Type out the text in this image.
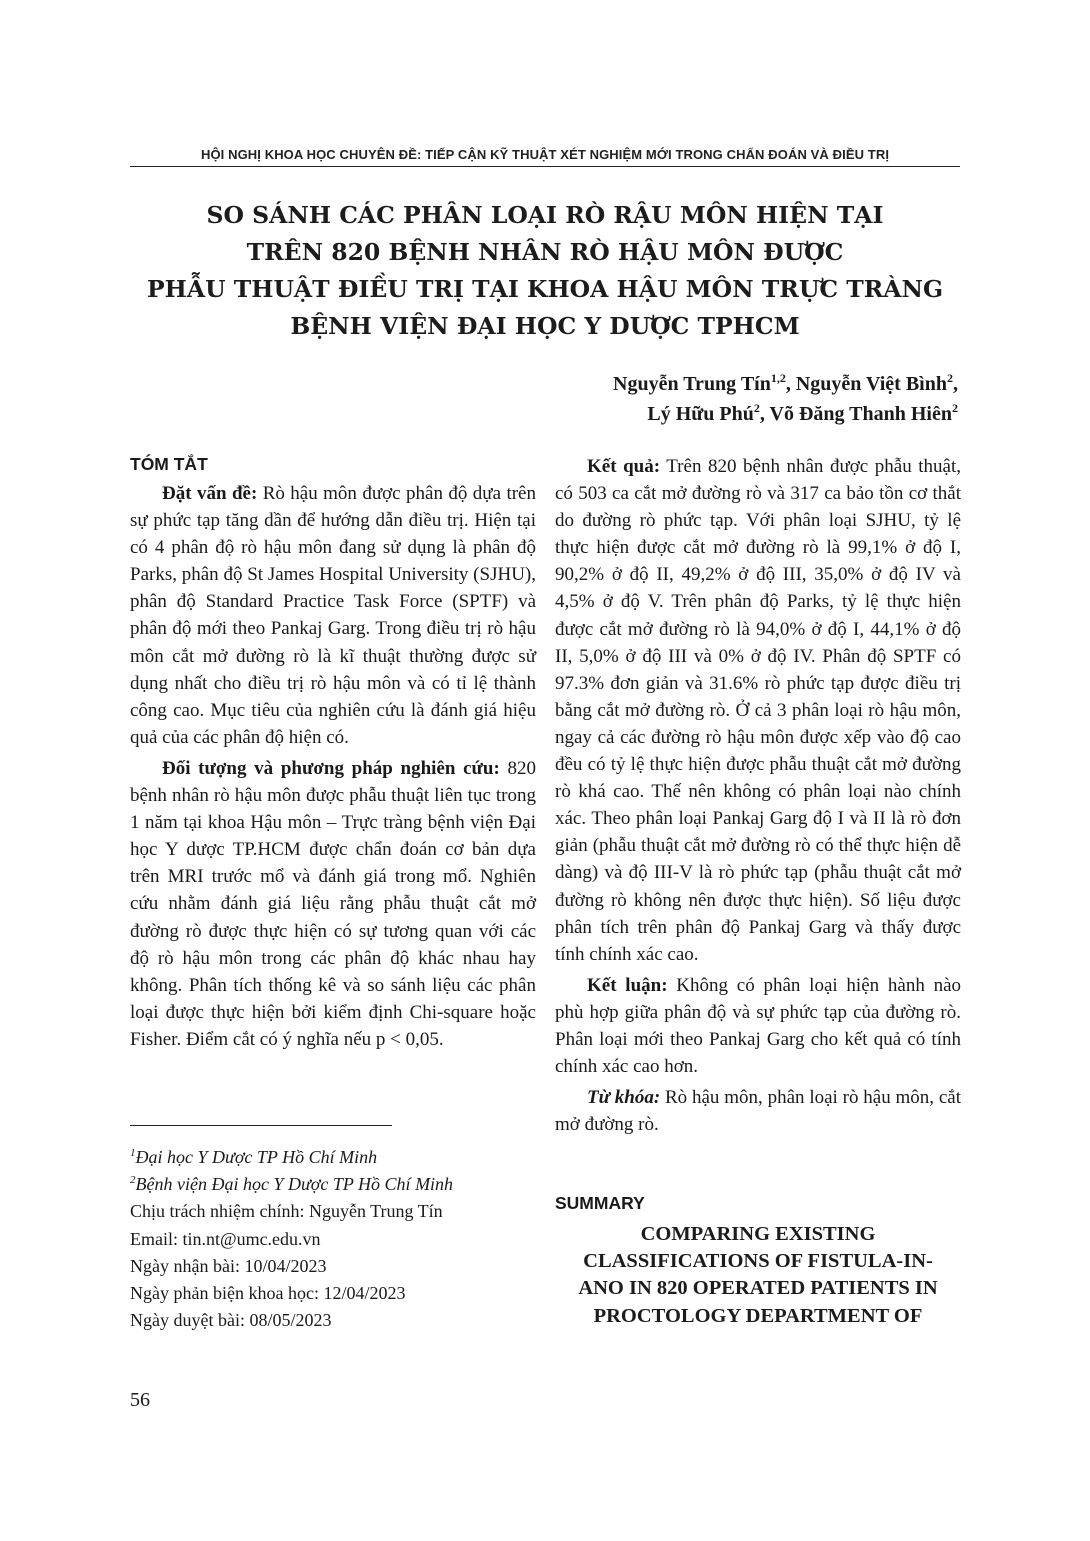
HỘI NGHỊ KHOA HỌC CHUYÊN ĐỀ: TIẾP CẬN KỸ THUẬT XÉT NGHIỆM MỚI TRONG CHẨN ĐOÁN VÀ ĐIỀU TRỊ
SO SÁNH CÁC PHÂN LOẠI RÒ RẬU MÔN HIỆN TẠI
TRÊN 820 BỆNH NHÂN RÒ HẬU MÔN ĐƯỢC
PHẪU THUẬT ĐIỀU TRỊ TẠI KHOA HẬU MÔN TRỰC TRÀNG
BỆNH VIỆN ĐẠI HỌC Y DƯỢC TPHCM
Nguyễn Trung Tín$^{1,2}$, Nguyễn Việt Bình$^2$,
Lý Hữu Phú$^2$, Võ Đăng Thanh Hiên$^2$
TÓM TẮT

Đặt vấn đề: Rò hậu môn được phân độ dựa trên sự phức tạp tăng dần để hướng dẫn điều trị. Hiện tại có 4 phân độ rò hậu môn đang sử dụng là phân độ Parks, phân độ St James Hospital University (SJHU), phân độ Standard Practice Task Force (SPTF) và phân độ mới theo Pankaj Garg. Trong điều trị rò hậu môn cắt mở đường rò là kĩ thuật thường được sử dụng nhất cho điều trị rò hậu môn và có tỉ lệ thành công cao. Mục tiêu của nghiên cứu là đánh giá hiệu quả của các phân độ hiện có.

Đối tượng và phương pháp nghiên cứu: 820 bệnh nhân rò hậu môn được phẫu thuật liên tục trong 1 năm tại khoa Hậu môn – Trực tràng bệnh viện Đại học Y dược TP.HCM được chẩn đoán cơ bản dựa trên MRI trước mổ và đánh giá trong mổ. Nghiên cứu nhằm đánh giá liệu rằng phẫu thuật cắt mở đường rò được thực hiện có sự tương quan với các độ rò hậu môn trong các phân độ khác nhau hay không. Phân tích thống kê và so sánh liệu các phân loại được thực hiện bởi kiểm định Chi-square hoặc Fisher. Điểm cắt có ý nghĩa nếu p < 0,05.

$^1$Đại học Y Dược TP Hồ Chí Minh
$^2$Bệnh viện Đại học Y Dược TP Hồ Chí Minh
Chịu trách nhiệm chính: Nguyễn Trung Tín
Email: tin.nt@umc.edu.vn
Ngày nhận bài: 10/04/2023
Ngày phản biện khoa học: 12/04/2023
Ngày duyệt bài: 08/05/2023

Kết quả: Trên 820 bệnh nhân được phẫu thuật, có 503 ca cắt mở đường rò và 317 ca bảo tồn cơ thắt do đường rò phức tạp. Với phân loại SJHU, tỷ lệ thực hiện được cắt mở đường rò là 99,1% ở độ I, 90,2% ở độ II, 49,2% ở độ III, 35,0% ở độ IV và 4,5% ở độ V. Trên phân độ Parks, tỷ lệ thực hiện được cắt mở đường rò là 94,0% ở độ I, 44,1% ở độ II, 5,0% ở độ III và 0% ở độ IV. Phân độ SPTF có 97.3% đơn giản và 31.6% rò phức tạp được điều trị bằng cắt mở đường rò. Ở cả 3 phân loại rò hậu môn, ngay cả các đường rò hậu môn được xếp vào độ cao đều có tỷ lệ thực hiện được phẫu thuật cắt mở đường rò khá cao. Thế nên không có phân loại nào chính xác. Theo phân loại Pankaj Garg độ I và II là rò đơn giản (phẫu thuật cắt mở đường rò có thể thực hiện dễ dàng) và độ III-V là rò phức tạp (phẫu thuật cắt mở đường rò không nên được thực hiện). Số liệu được phân tích trên phân độ Pankaj Garg và thấy được tính chính xác cao.

Kết luận: Không có phân loại hiện hành nào phù hợp giữa phân độ và sự phức tạp của đường rò. Phân loại mới theo Pankaj Garg cho kết quả có tính chính xác cao hơn.

Từ khóa: Rò hậu môn, phân loại rò hậu môn, cắt mở đường rò.

SUMMARY
COMPARING EXISTING
CLASSIFICATIONS OF FISTULA-IN-
ANO IN 820 OPERATED PATIENTS IN
PROCTOLOGY DEPARTMENT OF
56
